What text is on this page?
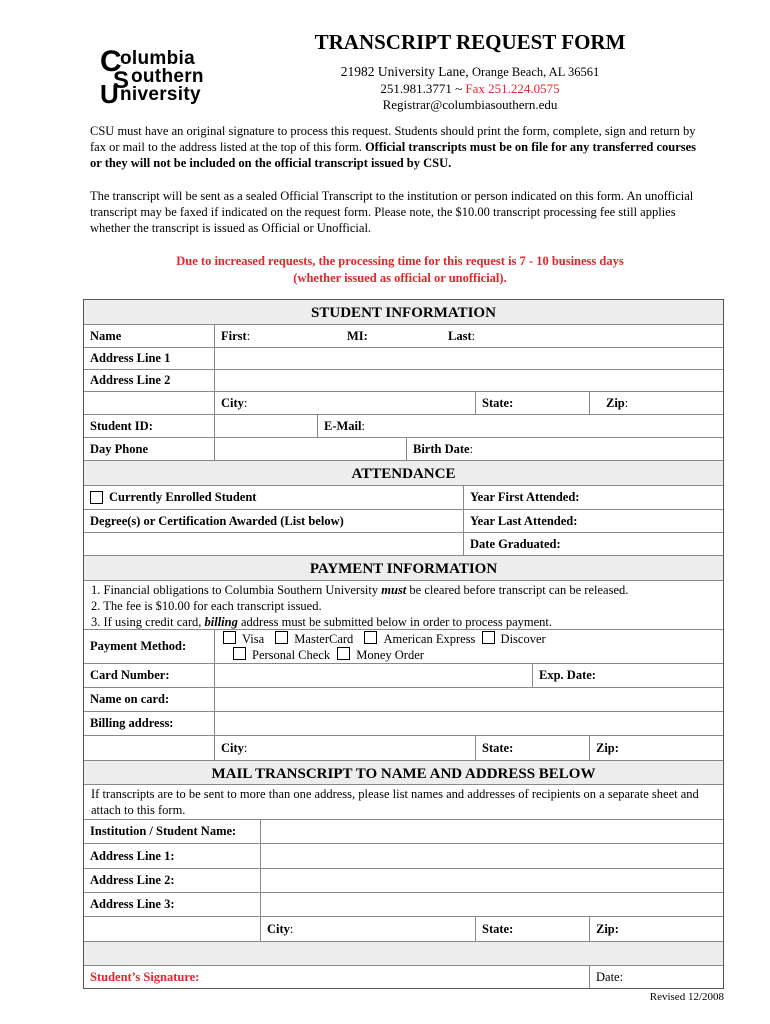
C
olumbia
S outhern
U niversity
TRANSCRIPT REQUEST FORM
21982 University Lane, Orange Beach, AL 36561
251.981.3771 ~ Fax 251.224.0575
Registrar@columbiasouthern.edu
CSU must have an original signature to process this request. Students should print the form, complete, sign and return by fax or mail to the address listed at the top of this form. Official transcripts must be on file for any transferred courses or they will not be included on the official transcript issued by CSU.
The transcript will be sent as a sealed Official Transcript to the institution or person indicated on this form. An unofficial transcript may be faxed if indicated on the request form. Please note, the $10.00 transcript processing fee still applies whether the transcript is issued as Official or Unofficial.
Due to increased requests, the processing time for this request is 7 - 10 business days
(whether issued as official or unofficial).
STUDENT INFORMATION
Name	First :	MI:	Last:
Address Line 1
Address Line 2
City :	State:	Zip :
Student ID:	E-Mail :
Day Phone	Birth Date :
ATTENDANCE
Currently Enrolled Student	Year First Attended:
Degree(s) or Certification Awarded (List below)	Year Last Attended:
Date Graduated:
PAYMENT INFORMATION
1. Financial obligations to Columbia Southern University must be cleared before transcript can be released.
2. The fee is $10.00 for each transcript issued.
3. If using credit card, billing address must be submitted below in order to process payment.
Payment Method:	Visa MasterCard American Express Discover
Personal Check Money Order
Card Number:	Exp. Date:
Name on card:
Billing address:
City :	State:	Zip:
MAIL TRANSCRIPT TO NAME AND ADDRESS BELOW
If transcripts are to be sent to more than one address, please list names and addresses of recipients on a separate sheet and attach to this form.
Institution / Student Name:
Address Line 1:
Address Line 2:
Address Line 3:
City :	State:	Zip:
Student’s Signature:	Date:
Revised 12/2008
